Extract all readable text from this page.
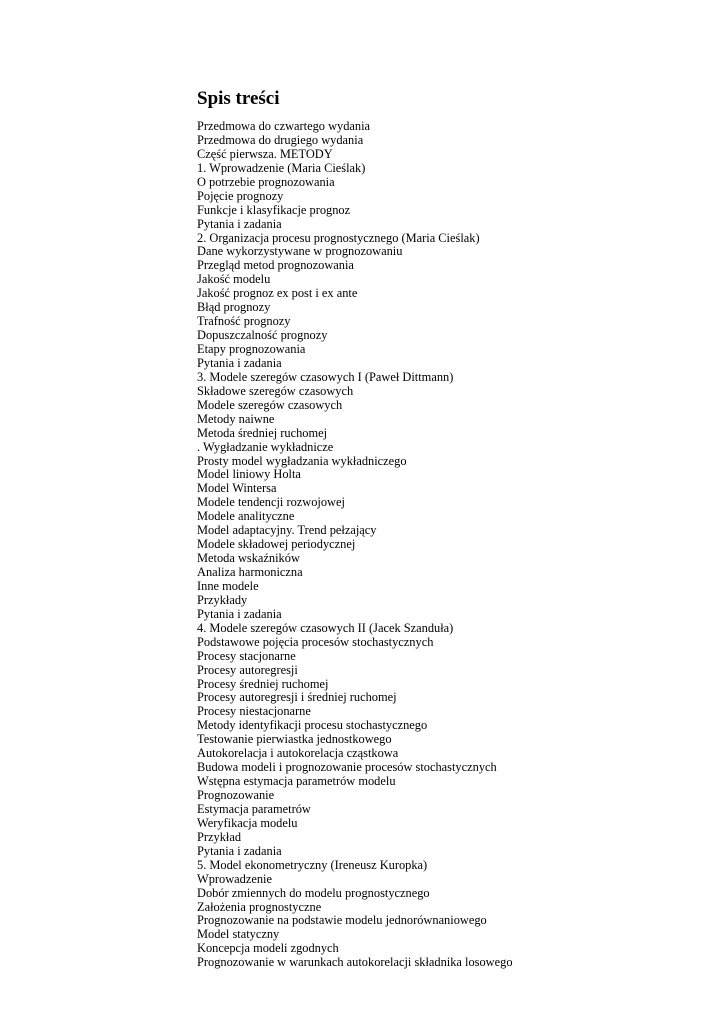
Spis treści
Przedmowa do czwartego wydania
Przedmowa do drugiego wydania
Część pierwsza. METODY
1. Wprowadzenie (Maria Cieślak)
O potrzebie prognozowania
Pojęcie prognozy
Funkcje i klasyfikacje prognoz
Pytania i zadania
2. Organizacja procesu prognostycznego (Maria Cieślak)
Dane wykorzystywane w prognozowaniu
Przegląd metod prognozowania
Jakość modelu
Jakość prognoz ex post i ex ante
Błąd prognozy
Trafność prognozy
Dopuszczalność prognozy
Etapy prognozowania
Pytania i zadania
3. Modele szeregów czasowych I (Paweł Dittmann)
Składowe szeregów czasowych
Modele szeregów czasowych
Metody naiwne
Metoda średniej ruchomej
. Wygładzanie wykładnicze
Prosty model wygładzania wykładniczego
Model liniowy Holta
Model Wintersa
Modele tendencji rozwojowej
Modele analityczne
Model adaptacyjny. Trend pełzający
Modele składowej periodycznej
Metoda wskaźników
Analiza harmoniczna
Inne modele
Przykłady
Pytania i zadania
4. Modele szeregów czasowych II (Jacek Szanduła)
Podstawowe pojęcia procesów stochastycznych
Procesy stacjonarne
Procesy autoregresji
Procesy średniej ruchomej
Procesy autoregresji i średniej ruchomej
Procesy niestacjonarne
Metody identyfikacji procesu stochastycznego
Testowanie pierwiastka jednostkowego
Autokorelacja i autokorelacja cząstkowa
Budowa modeli i prognozowanie procesów stochastycznych
Wstępna estymacja parametrów modelu
Prognozowanie
Estymacja parametrów
Weryfikacja modelu
Przykład
Pytania i zadania
5. Model ekonometryczny (Ireneusz Kuropka)
Wprowadzenie
Dobór zmiennych do modelu prognostycznego
Założenia prognostyczne
Prognozowanie na podstawie modelu jednorównaniowego
Model statyczny
Koncepcja modeli zgodnych
Prognozowanie w warunkach autokorelacji składnika losowego
